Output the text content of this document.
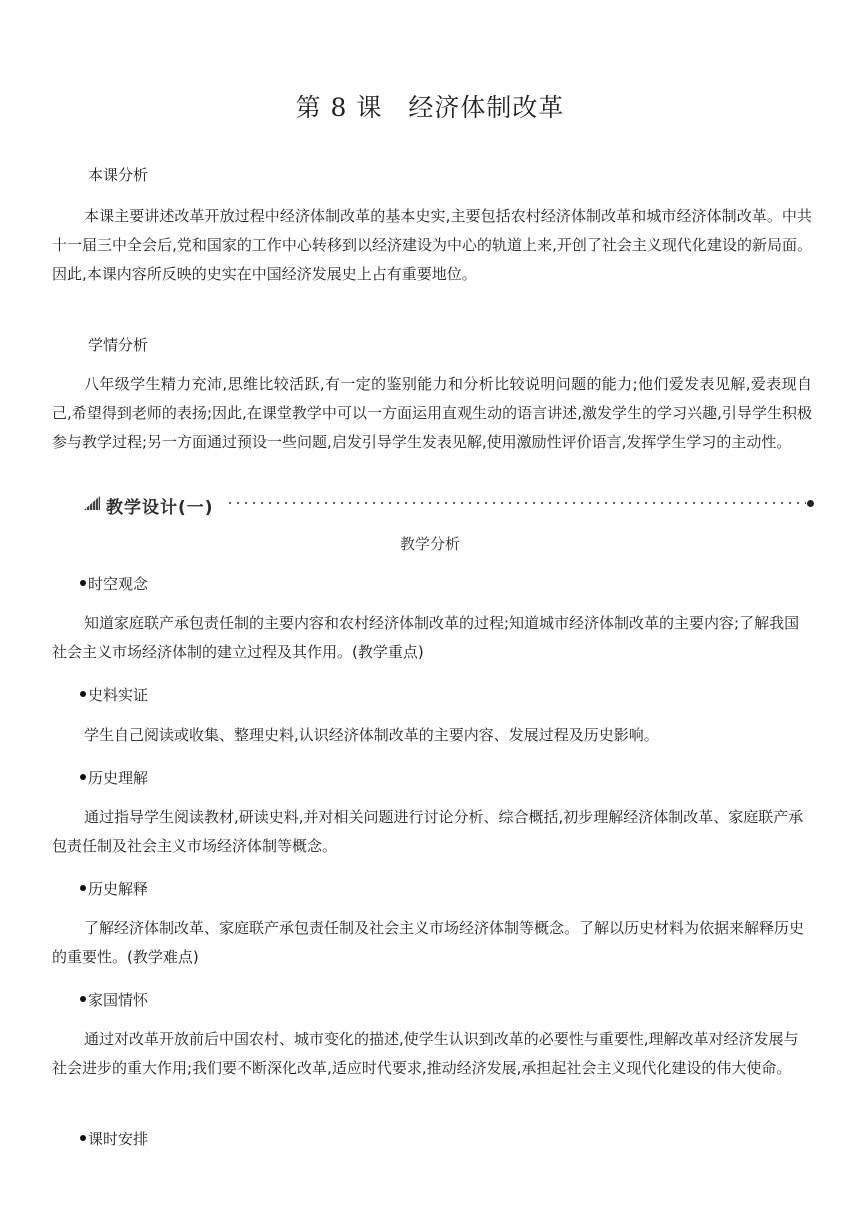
第 8 课　经济体制改革
本课分析
本课主要讲述改革开放过程中经济体制改革的基本史实,主要包括农村经济体制改革和城市经济体制改革。中共十一届三中全会后,党和国家的工作中心转移到以经济建设为中心的轨道上来,开创了社会主义现代化建设的新局面。因此,本课内容所反映的史实在中国经济发展史上占有重要地位。
学情分析
八年级学生精力充沛,思维比较活跃,有一定的鉴别能力和分析比较说明问题的能力;他们爱发表见解,爱表现自己,希望得到老师的表扬;因此,在课堂教学中可以一方面运用直观生动的语言讲述,激发学生的学习兴趣,引导学生积极参与教学过程;另一方面通过预设一些问题,启发引导学生发表见解,使用激励性评价语言,发挥学生学习的主动性。
教学设计(一)
教学分析
时空观念
知道家庭联产承包责任制的主要内容和农村经济体制改革的过程;知道城市经济体制改革的主要内容;了解我国社会主义市场经济体制的建立过程及其作用。(教学重点)
史料实证
学生自己阅读或收集、整理史料,认识经济体制改革的主要内容、发展过程及历史影响。
历史理解
通过指导学生阅读教材,研读史料,并对相关问题进行讨论分析、综合概括,初步理解经济体制改革、家庭联产承包责任制及社会主义市场经济体制等概念。
历史解释
了解经济体制改革、家庭联产承包责任制及社会主义市场经济体制等概念。了解以历史材料为依据来解释历史的重要性。(教学难点)
家国情怀
通过对改革开放前后中国农村、城市变化的描述,使学生认识到改革的必要性与重要性,理解改革对经济发展与社会进步的重大作用;我们要不断深化改革,适应时代要求,推动经济发展,承担起社会主义现代化建设的伟大使命。
课时安排
